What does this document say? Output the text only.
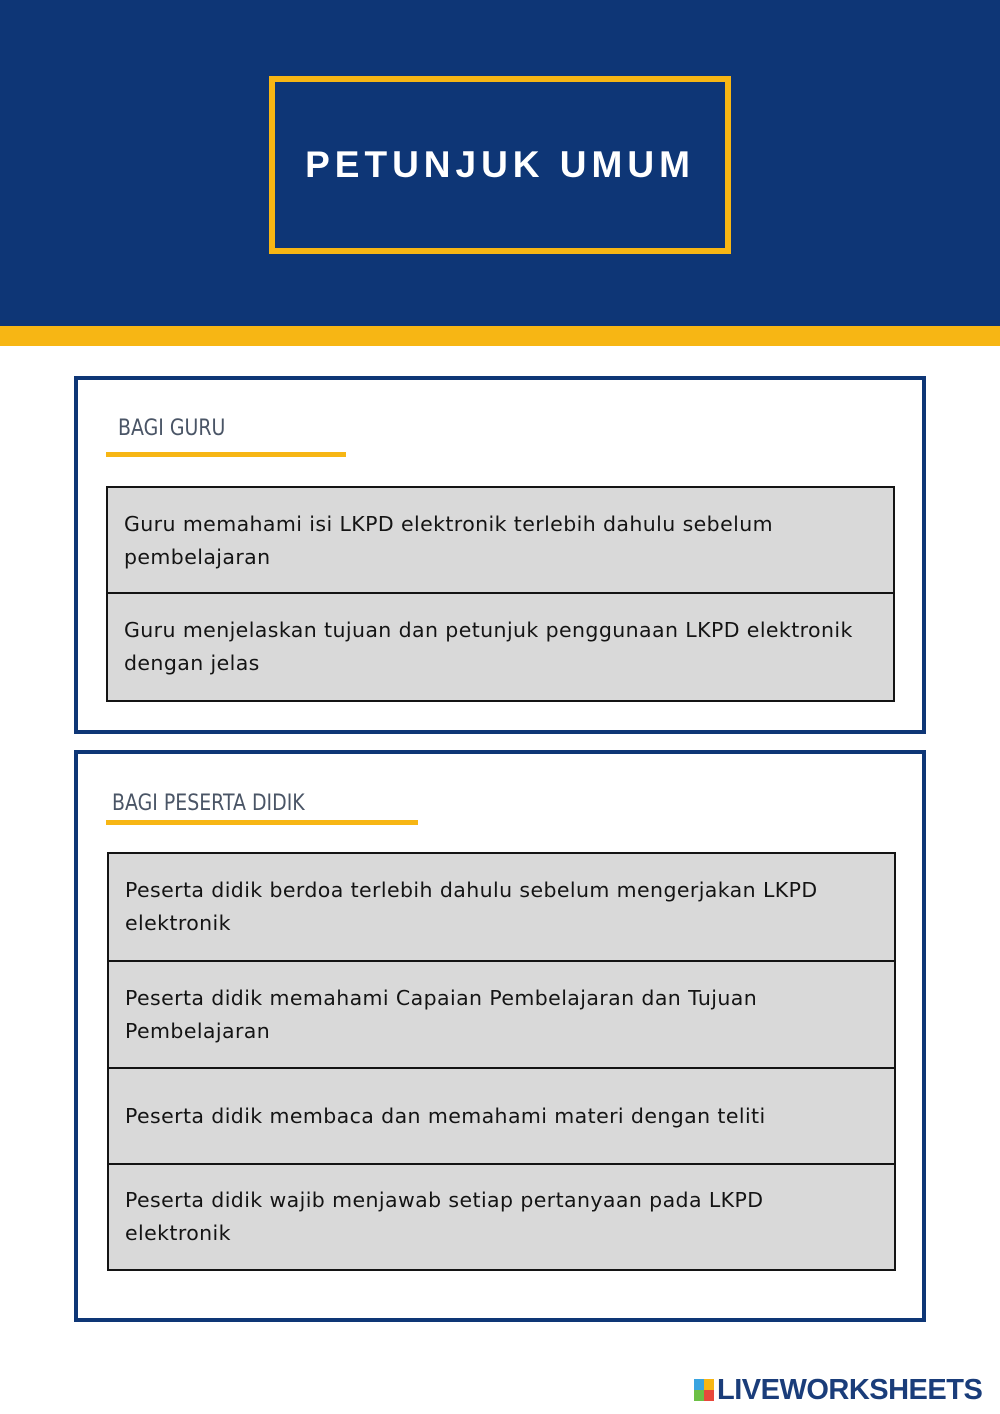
PETUNJUK UMUM
BAGI GURU
Guru memahami isi LKPD elektronik terlebih dahulu sebelum pembelajaran
Guru menjelaskan tujuan dan petunjuk penggunaan LKPD elektronik dengan jelas
BAGI PESERTA DIDIK
Peserta didik berdoa terlebih dahulu sebelum mengerjakan LKPD elektronik
Peserta didik memahami Capaian Pembelajaran dan Tujuan Pembelajaran
Peserta didik membaca dan memahami materi dengan teliti
Peserta didik wajib menjawab setiap pertanyaan pada LKPD elektronik
LIVEWORKSHEETS
